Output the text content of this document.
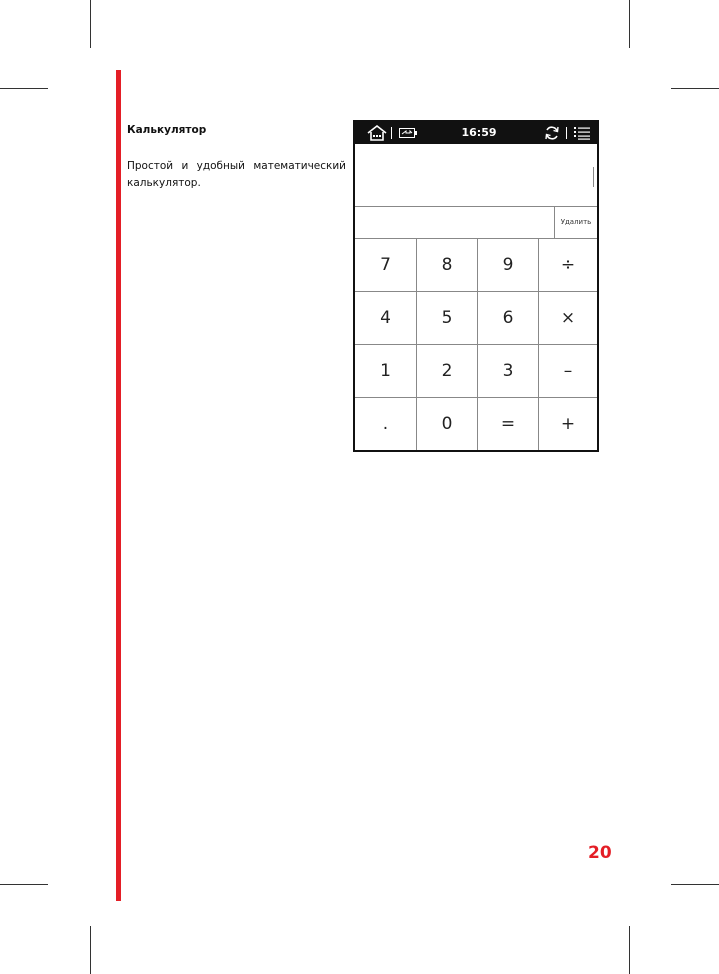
Калькулятор
Простой и удобный математический калькулятор.
16:59
Удалить
7	8	9	÷
4	5	6	×
1	2	3	–
.	0	=	+
20
